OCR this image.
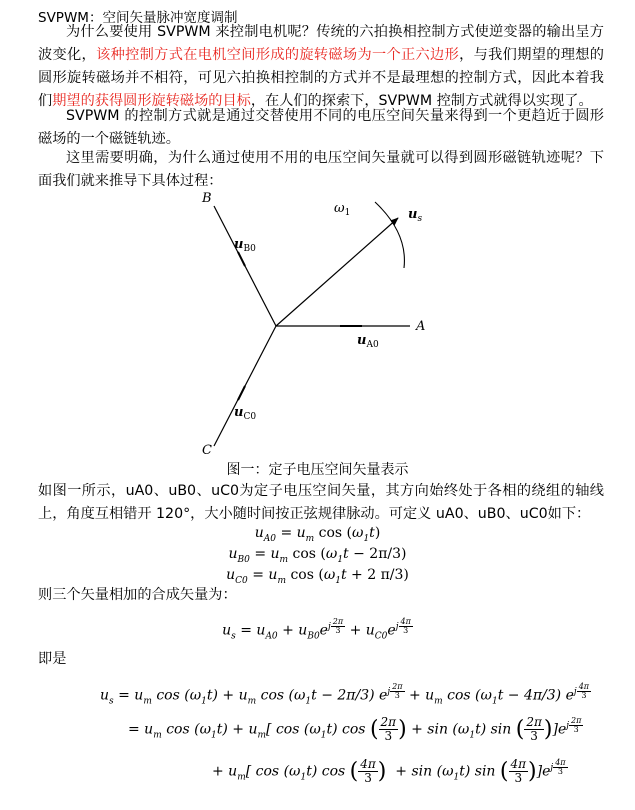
SVPWM：空间矢量脉冲宽度调制
为什么要使用 SVPWM 来控制电机呢？传统的六拍换相控制方式使逆变器的输出呈方波变化，该种控制方式在电机空间形成的旋转磁场为一个正六边形，与我们期望的理想的圆形旋转磁场并不相符，可见六拍换相控制的方式并不是最理想的控制方式，因此本着我们期望的获得圆形旋转磁场的目标，在人们的探索下，SVPWM 控制方式就得以实现了。
SVPWM 的控制方式就是通过交替使用不同的电压空间矢量来得到一个更趋近于圆形磁场的一个磁链轨迹。
这里需要明确，为什么通过使用不用的电压空间矢量就可以得到圆形磁链轨迹呢？下面我们就来推导下具体过程：
A
B
C
$u_{A0}$
$u_{B0}$
$u_{C0}$
$\omega_1$	$u_s$
图一：定子电压空间矢量表示
如图一所示，uA0、uB0、uC0为定子电压空间矢量，其方向始终处于各相的绕组的轴线上，角度互相错开 120°，大小随时间按正弦规律脉动。可定义 uA0、uB0、uC0如下：
$u_{A0} = u_m$ $\cos (\omega_1t)$
$u_{B0} = u_m$ $\cos (\omega_1t - 2\pi/3)$
$u_{C0} = u_m$ $\cos (\omega_1t + 2$ π/3)
则三个矢量相加的合成矢量为：
$u_s = u_{A0} + u_{B0}e^{j \frac{2\pi}{3}} + u_{C0}e^{j \frac{4\pi}{3}}$
即是
$u_s = u_m$ $\cos (\omega_1t) + u_m$ $\cos (\omega_1t - 2\pi/3) e^{j \frac{2\pi}{3}} + u_m$ $\cos (\omega_1t - 4\pi/3)$ $e^{j \frac{4\pi}{3}}$
= $u_m$ $\cos (\omega_1t) + u_m$[ $\cos (\omega_1t)$ cos ( $\frac{2\pi}{3}$ ) + $\sin (\omega_1t)$ sin ( $\frac{2\pi}{3} )]e^{j \frac{2\pi}{3}}$
+ $u_m$[ $\cos (\omega_1t)$ cos ( $\frac{4\pi}{3}$ )  + $\sin (\omega_1t)$ sin ( $\frac{4\pi}{3} )]e^{j \frac{4\pi}{3}}$
